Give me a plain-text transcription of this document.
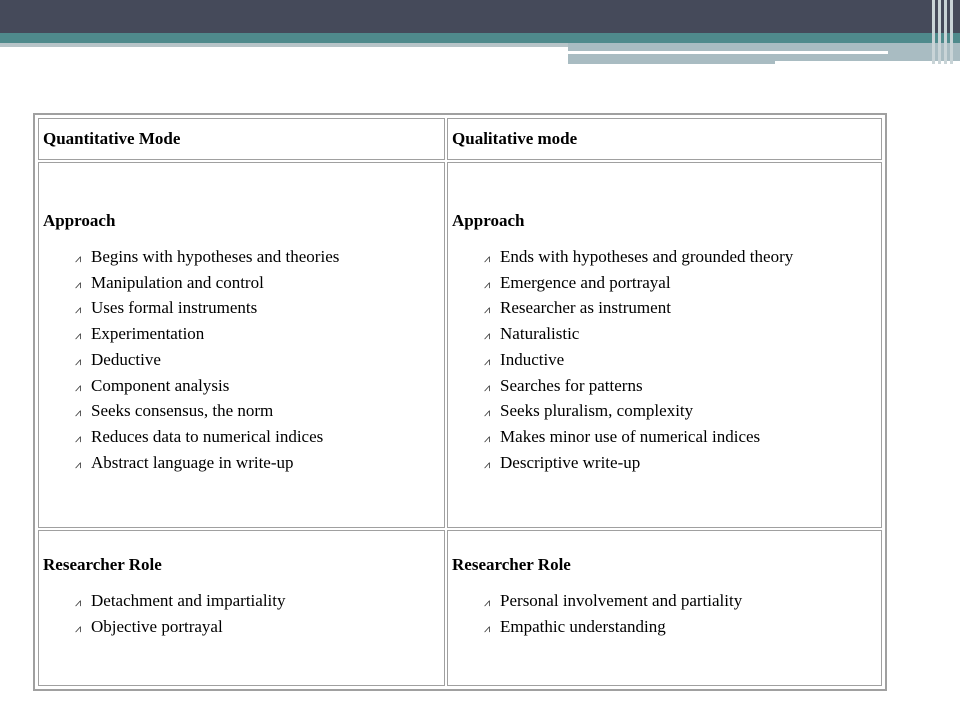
Quantitative Mode	Qualitative mode
Approach
⩘ Begins with hypotheses and theories
⩘ Manipulation and control
⩘ Uses formal instruments
⩘ Experimentation
⩘ Deductive
⩘ Component analysis
⩘ Seeks consensus, the norm
⩘ Reduces data to numerical indices
⩘ Abstract language in write-up
Approach
⩘ Ends with hypotheses and grounded theory
⩘ Emergence and portrayal
⩘ Researcher as instrument
⩘ Naturalistic
⩘ Inductive
⩘ Searches for patterns
⩘ Seeks pluralism, complexity
⩘ Makes minor use of numerical indices
⩘ Descriptive write-up
Researcher Role
⩘ Detachment and impartiality
⩘ Objective portrayal
Researcher Role
⩘ Personal involvement and partiality
⩘ Empathic understanding
